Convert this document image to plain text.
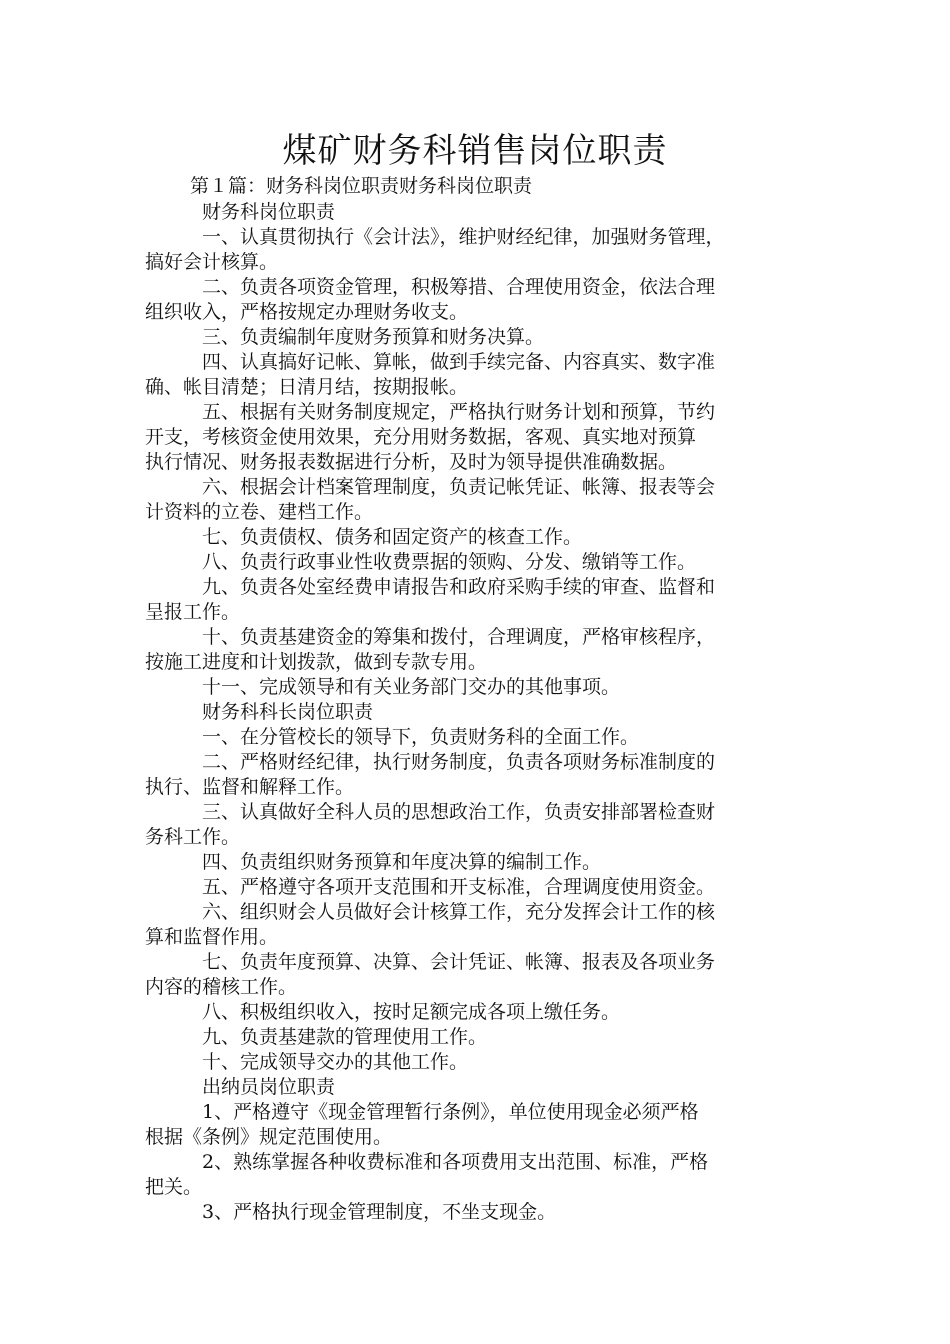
煤矿财务科销售岗位职责
第１篇：财务科岗位职责财务科岗位职责
财务科岗位职责
一、认真贯彻执行《会计法》，维护财经纪律，加强财务管理，
搞好会计核算。
二、负责各项资金管理，积极筹措、合理使用资金，依法合理
组织收入，严格按规定办理财务收支。
三、负责编制年度财务预算和财务决算。
四、认真搞好记帐、算帐，做到手续完备、内容真实、数字准
确、帐目清楚；日清月结，按期报帐。
五、根据有关财务制度规定，严格执行财务计划和预算，节约
开支，考核资金使用效果，充分用财务数据，客观、真实地对预算
执行情况、财务报表数据进行分析，及时为领导提供准确数据。
六、根据会计档案管理制度，负责记帐凭证、帐簿、报表等会
计资料的立卷、建档工作。
七、负责债权、债务和固定资产的核查工作。
八、负责行政事业性收费票据的领购、分发、缴销等工作。
九、负责各处室经费申请报告和政府采购手续的审查、监督和
呈报工作。
十、负责基建资金的筹集和拨付，合理调度，严格审核程序，
按施工进度和计划拨款，做到专款专用。
十一、完成领导和有关业务部门交办的其他事项。
财务科科长岗位职责
一、在分管校长的领导下，负责财务科的全面工作。
二、严格财经纪律，执行财务制度，负责各项财务标准制度的
执行、监督和解释工作。
三、认真做好全科人员的思想政治工作，负责安排部署检查财
务科工作。
四、负责组织财务预算和年度决算的编制工作。
五、严格遵守各项开支范围和开支标准，合理调度使用资金。
六、组织财会人员做好会计核算工作，充分发挥会计工作的核
算和监督作用。
七、负责年度预算、决算、会计凭证、帐簿、报表及各项业务
内容的稽核工作。
八、积极组织收入，按时足额完成各项上缴任务。
九、负责基建款的管理使用工作。
十、完成领导交办的其他工作。
出纳员岗位职责
1、严格遵守《现金管理暂行条例》，单位使用现金必须严格
根据《条例》规定范围使用。
2、熟练掌握各种收费标准和各项费用支出范围、标准，严格
把关。
3、严格执行现金管理制度，不坐支现金。
